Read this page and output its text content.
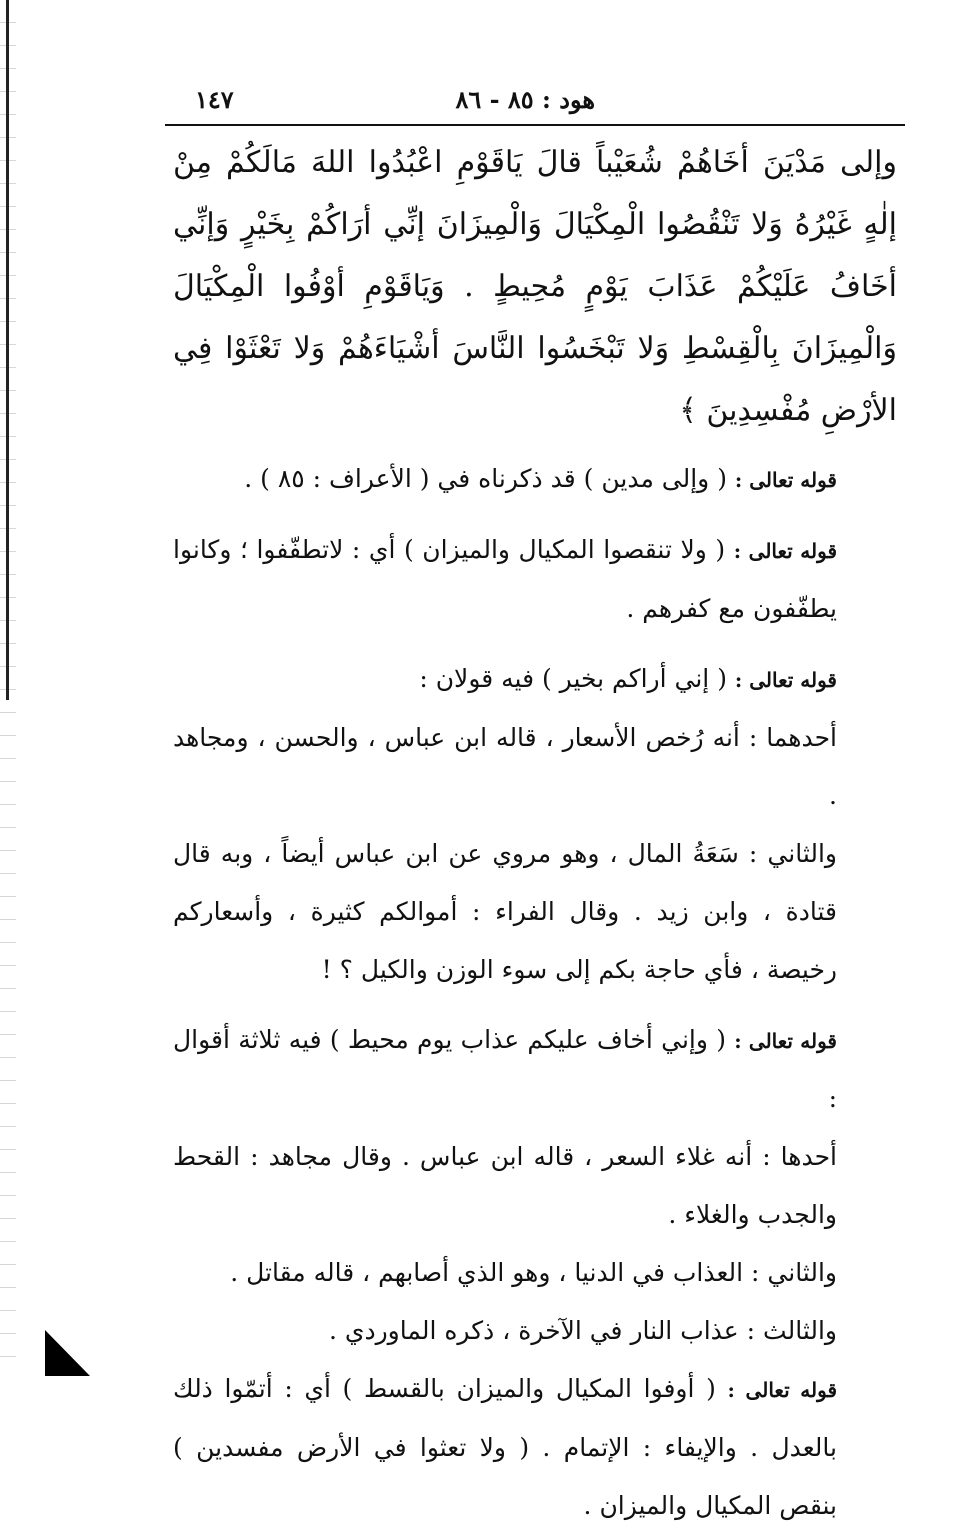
هود : ٨٥ - ٨٦
١٤٧
وإلى مَدْيَنَ أخَاهُمْ شُعَيْباً قالَ يَاقَوْمِ اعْبُدُوا اللهَ مَالَكُمْ مِنْ إلٰهٍ غَيْرُهُ وَلا تَنْقُصُوا الْمِكْيَالَ وَالْمِيزَانَ إنِّي أرَاكُمْ بِخَيْرٍ وَإنِّي أخَافُ عَلَيْكُمْ عَذَابَ يَوْمٍ مُحِيطٍ . وَيَاقَوْمِ أوْفُوا الْمِكْيَالَ وَالْمِيزَانَ بِالْقِسْطِ وَلا تَبْخَسُوا النَّاسَ أشْيَاءَهُمْ وَلا تَعْثَوْا فِي الأرْضِ مُفْسِدِينَ ﴾

قوله تعالى : ( وإلى مدين ) قد ذكرناه في ( الأعراف : ٨٥ ) .

قوله تعالى : ( ولا تنقصوا المكيال والميزان ) أي : لاتطفّفوا ؛ وكانوا يطفّفون مع كفرهم .

قوله تعالى : ( إني أراكم بخير ) فيه قولان :

أحدهما : أنه رُخص الأسعار ، قاله ابن عباس ، والحسن ، ومجاهد .

والثاني : سَعَةُ المال ، وهو مروي عن ابن عباس أيضاً ، وبه قال قتادة ، وابن زيد . وقال الفراء : أموالكم كثيرة ، وأسعاركم رخيصة ، فأي حاجة بكم إلى سوء الوزن والكيل ؟ !

قوله تعالى : ( وإني أخاف عليكم عذاب يوم محيط ) فيه ثلاثة أقوال :

أحدها : أنه غلاء السعر ، قاله ابن عباس . وقال مجاهد : القحط والجدب والغلاء .

والثاني : العذاب في الدنيا ، وهو الذي أصابهم ، قاله مقاتل .

والثالث : عذاب النار في الآخرة ، ذكره الماوردي .

قوله تعالى : ( أوفوا المكيال والميزان بالقسط ) أي : أتمّوا ذلك بالعدل . والإيفاء : الإتمام . ( ولا تعثوا في الأرض مفسدين ) بنقص المكيال والميزان .
